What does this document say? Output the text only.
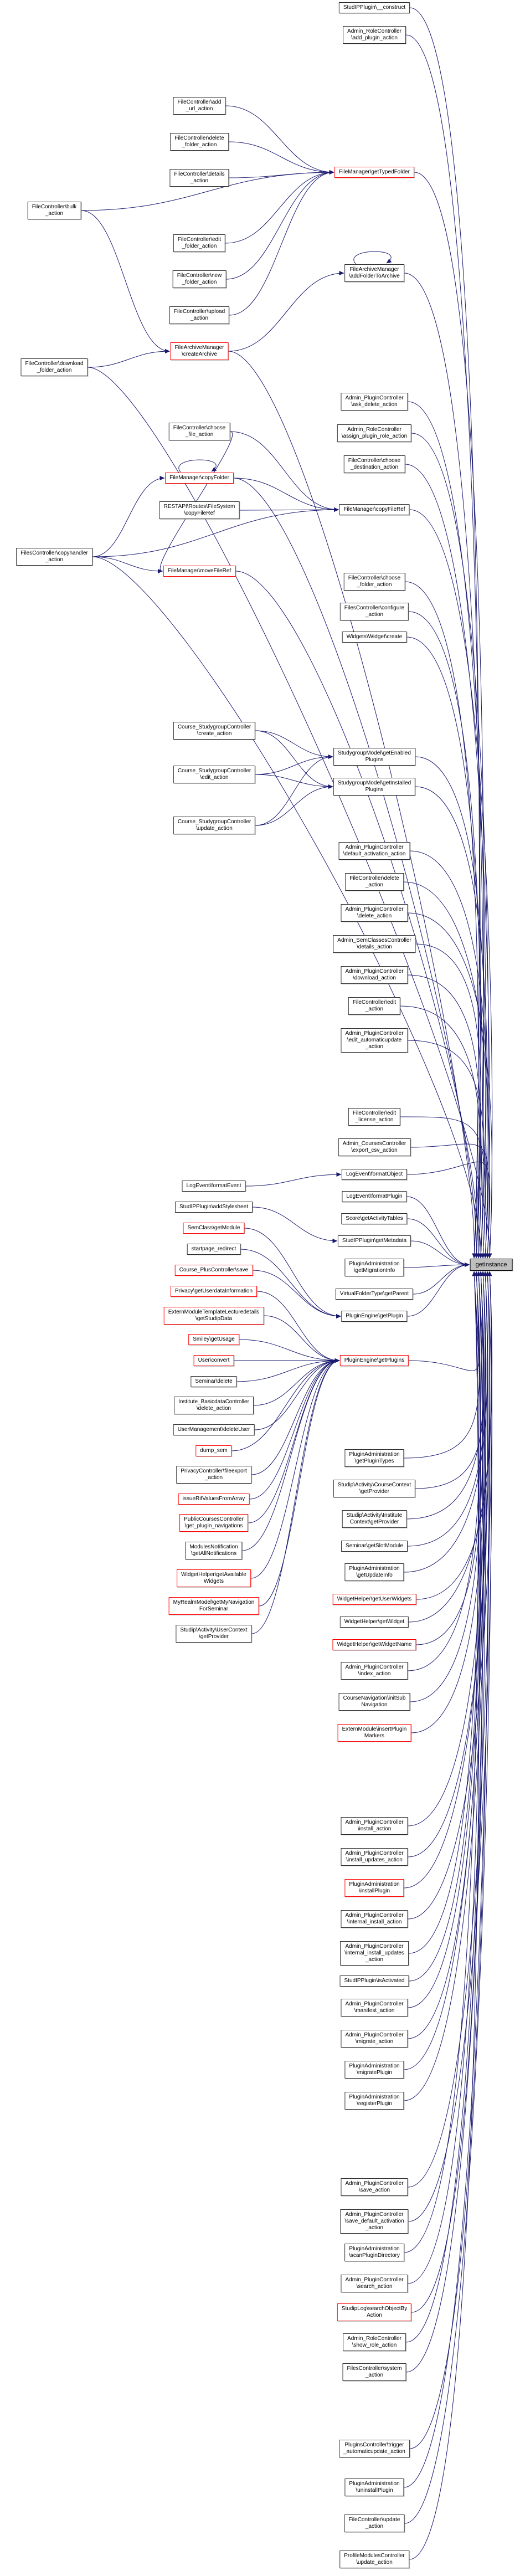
getInstance
StudIPPlugin\__construct
Admin_RoleController
\add_plugin_action
FileManager\getTypedFolder
FileArchiveManager
\addFolderToArchive
Admin_PluginController
\ask_delete_action
Admin_RoleController
\assign_plugin_role_action
FileController\choose
_destination_action
FileManager\copyFileRef
FileController\choose
_folder_action
FilesController\configure
_action
Widgets\Widget\create
StudygroupModel\getEnabled
Plugins
StudygroupModel\getInstalled
Plugins
Admin_PluginController
\default_activation_action
FileController\delete
_action
Admin_PluginController
\delete_action
Admin_SemClassesController
\details_action
Admin_PluginController
\download_action
FileController\edit
_action
Admin_PluginController
\edit_automaticupdate
_action
FileController\edit
_license_action
Admin_CoursesController
\export_csv_action
LogEvent\formatObject
LogEvent\formatPlugin
Score\getActivityTables
StudIPPlugin\getMetadata
PluginAdministration
\getMigrationInfo
VirtualFolderType\getParent
PluginEngine\getPlugin
PluginEngine\getPlugins
PluginAdministration
\getPluginTypes
Studip\Activity\CourseContext
\getProvider
Studip\Activity\Institute
Context\getProvider
Seminar\getSlotModule
PluginAdministration
\getUpdateInfo
WidgetHelper\getUserWidgets
WidgetHelper\getWidget
WidgetHelper\getWidgetName
Admin_PluginController
\index_action
CourseNavigation\initSub
Navigation
ExternModule\insertPlugin
Markers
Admin_PluginController
\install_action
Admin_PluginController
\install_updates_action
PluginAdministration
\installPlugin
Admin_PluginController
\internal_install_action
Admin_PluginController
\internal_install_updates
_action
StudIPPlugin\isActivated
Admin_PluginController
\manifest_action
Admin_PluginController
\migrate_action
PluginAdministration
\migratePlugin
PluginAdministration
\registerPlugin
Admin_PluginController
\save_action
Admin_PluginController
\save_default_activation
_action
PluginAdministration
\scanPluginDirectory
Admin_PluginController
\search_action
StudipLog\searchObjectBy
Action
Admin_RoleController
\show_role_action
FilesController\system
_action
PluginsController\trigger
_automaticupdate_action
PluginAdministration
\uninstallPlugin
FileController\update
_action
ProfileModulesController
\update_action
FileController\add
_url_action
FileController\delete
_folder_action
FileController\details
_action
FileController\edit
_folder_action
FileController\new
_folder_action
FileController\upload
_action
FileArchiveManager
\createArchive
FileController\choose
_file_action
FileManager\copyFolder
RESTAPI\Routes\FileSystem
\copyFileRef
FileManager\moveFileRef
FileController\bulk
_action
FileController\download
_folder_action
FilesController\copyhandler
_action
Course_StudygroupController
\create_action
Course_StudygroupController
\edit_action
Course_StudygroupController
\update_action
LogEvent\formatEvent
StudIPPlugin\addStylesheet
SemClass\getModule
startpage_redirect
Course_PlusController\save
Privacy\getUserdataInformation
ExternModuleTemplateLecturedetails
\getStudipData
Smiley\getUsage
User\convert
Seminar\delete
Institute_BasicdataController
\delete_action
UserManagement\deleteUser
dump_sem
PrivacyController\fileexport
_action
issueRifValuesFromArray
PublicCoursesController
\get_plugin_navigations
ModulesNotification
\getAllNotifications
WidgetHelper\getAvailable
Widgets
MyRealmModel\getMyNavigation
ForSeminar
Studip\Activity\UserContext
\getProvider
